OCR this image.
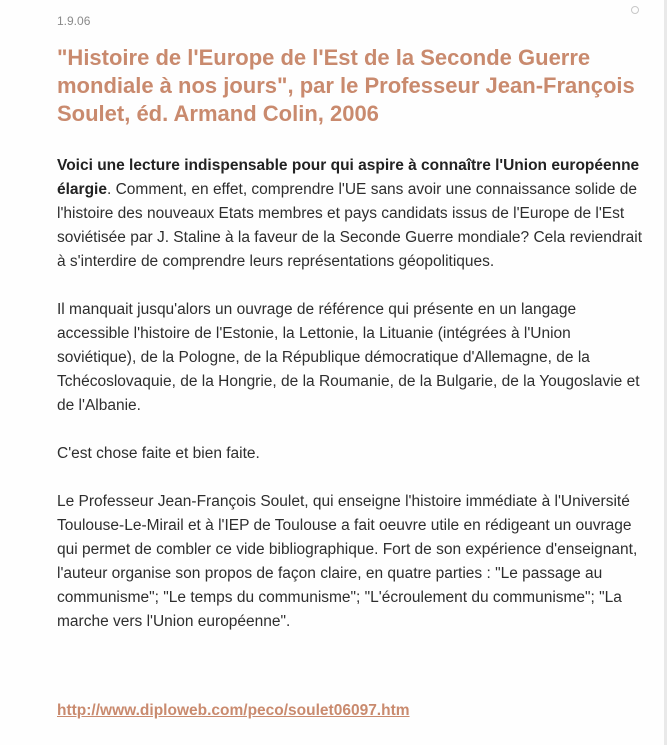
1.9.06
"Histoire de l'Europe de l'Est de la Seconde Guerre mondiale à nos jours", par le Professeur Jean-François Soulet, éd. Armand Colin, 2006

Voici une lecture indispensable pour qui aspire à connaître l'Union européenne élargie. Comment, en effet, comprendre l'UE sans avoir une connaissance solide de l'histoire des nouveaux Etats membres et pays candidats issus de l'Europe de l'Est soviétisée par J. Staline à la faveur de la Seconde Guerre mondiale? Cela reviendrait à s'interdire de comprendre leurs représentations géopolitiques.

Il manquait jusqu'alors un ouvrage de référence qui présente en un langage accessible l'histoire de l'Estonie, la Lettonie, la Lituanie (intégrées à l'Union soviétique), de la Pologne, de la République démocratique d'Allemagne, de la Tchécoslovaquie, de la Hongrie, de la Roumanie, de la Bulgarie, de la Yougoslavie et de l'Albanie.

C'est chose faite et bien faite.

Le Professeur Jean-François Soulet, qui enseigne l'histoire immédiate à l'Université Toulouse-Le-Mirail et à l'IEP de Toulouse a fait oeuvre utile en rédigeant un ouvrage qui permet de combler ce vide bibliographique. Fort de son expérience d'enseignant, l'auteur organise son propos de façon claire, en quatre parties : "Le passage au communisme"; "Le temps du communisme"; "L'écroulement du communisme"; "La marche vers l'Union européenne".

http://www.diploweb.com/peco/soulet06097.htm
